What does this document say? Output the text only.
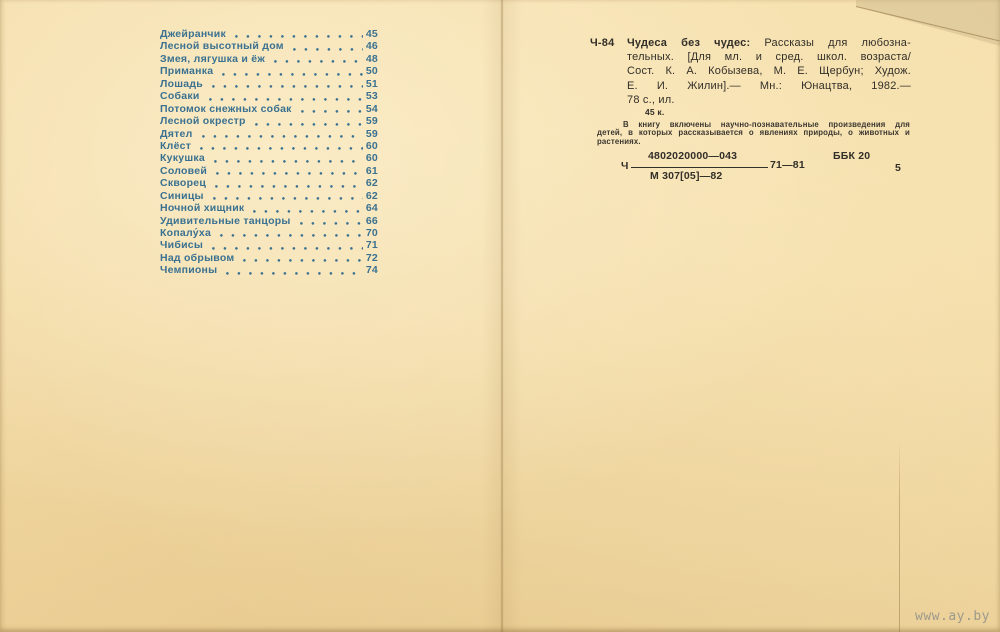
Джейранчик	45
Лесной высотный дом	46
Змея, лягушка и ёж	48
Приманка	50
Лошадь	51
Собаки	53
Потомок снежных собак	54
Лесной окрестр	59
Дятел	59
Клёст	60
Кукушка	60
Соловей	61
Скворец	62
Синицы	62
Ночной хищник	64
Удивительные танцоры	66
Копалу́ха	70
Чибисы	71
Над обрывом	72
Чемпионы	74
Ч-84 Чудеса без чудес: Рассказы для любозна-
тельных. [Для мл. и сред. школ. возраста/
Сост. К. А. Кобызева, М. Е. Щербун; Худож.
Е. И. Жилин].— Мн.: Юнацтва, 1982.—
78 с., ил.
45 к.
В книгу включены научно-познавательные произведения для
детей, в которых рассказывается о явлениях природы, о животных и
растениях.
Ч
4802020000—043
71—81
М 307[05]—82
ББК 20
5
www.ay.by
